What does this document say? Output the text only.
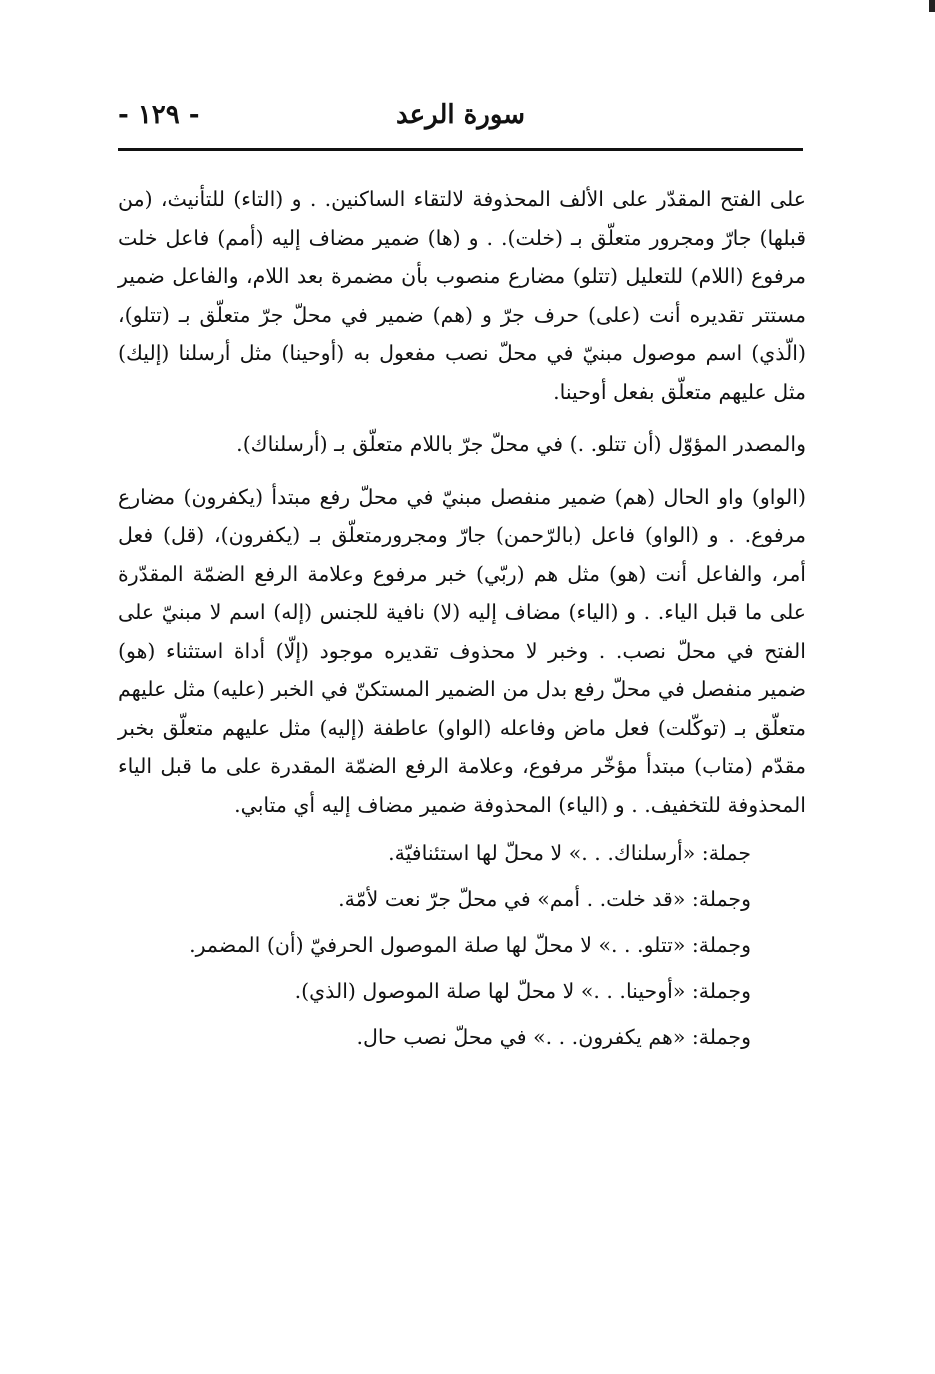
- ١٢٩ -	سورة الرعد

على الفتح المقدّر على الألف المحذوفة لالتقاء الساكنين. . و (التاء) للتأنيث، (من قبلها) جارّ ومجرور متعلّق بـ (خلت). . و (ها) ضمير مضاف إليه (أمم) فاعل خلت مرفوع (اللام) للتعليل (تتلو) مضارع منصوب بأن مضمرة بعد اللام، والفاعل ضمير مستتر تقديره أنت (على) حرف جرّ و (هم) ضمير في محلّ جرّ متعلّق بـ (تتلو)، (الّذي) اسم موصول مبنيّ في محلّ نصب مفعول به (أوحينا) مثل أرسلنا (إليك) مثل عليهم متعلّق بفعل أوحينا.

والمصدر المؤوّل (أن تتلو. .) في محلّ جرّ باللام متعلّق بـ (أرسلناك).

(الواو) واو الحال (هم) ضمير منفصل مبنيّ في محلّ رفع مبتدأ (يكفرون) مضارع مرفوع. . و (الواو) فاعل (بالرّحمن) جارّ ومجرورمتعلّق بـ (يكفرون)، (قل) فعل أمر، والفاعل أنت (هو) مثل هم (ربّي) خبر مرفوع وعلامة الرفع الضمّة المقدّرة على ما قبل الياء. . و (الياء) مضاف إليه (لا) نافية للجنس (إله) اسم لا مبنيّ على الفتح في محلّ نصب. . وخبر لا محذوف تقديره موجود (إلّا) أداة استثناء (هو) ضمير منفصل في محلّ رفع بدل من الضمير المستكنّ في الخبر (عليه) مثل عليهم متعلّق بـ (توكّلت) فعل ماض وفاعله (الواو) عاطفة (إليه) مثل عليهم متعلّق بخبر مقدّم (متاب) مبتدأ مؤخّر مرفوع، وعلامة الرفع الضمّة المقدرة على ما قبل الياء المحذوفة للتخفيف. . و (الياء) المحذوفة ضمير مضاف إليه أي متابي.

جملة: «أرسلناك. . .» لا محلّ لها استئنافيّة.
وجملة: «قد خلت. . أمم» في محلّ جرّ نعت لأمّة.
وجملة: «تتلو. . .» لا محلّ لها صلة الموصول الحرفيّ (أن) المضمر.
وجملة: «أوحينا. . .» لا محلّ لها صلة الموصول (الذي).
وجملة: «هم يكفرون. . .» في محلّ نصب حال.
